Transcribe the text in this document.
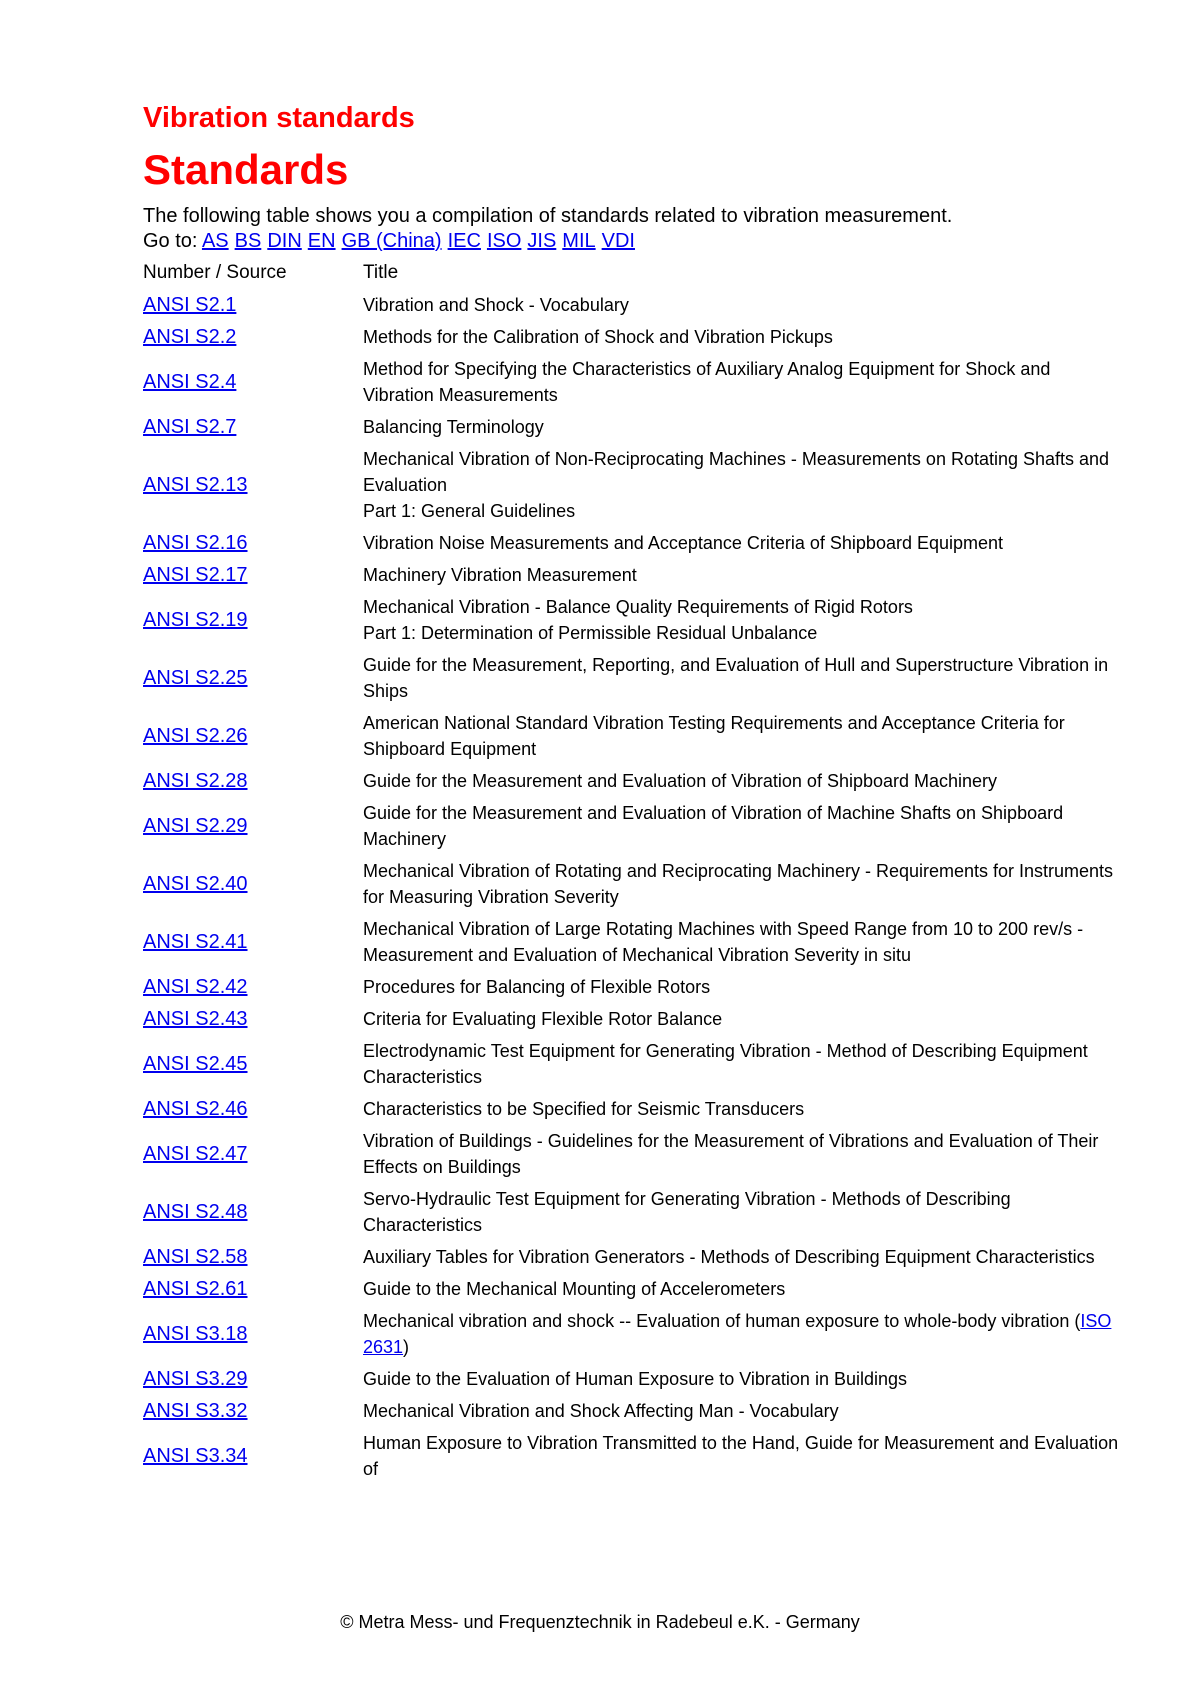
Vibration standards

Standards

The following table shows you a compilation of standards related to vibration measurement.

Go to: AS BS DIN EN GB (China) IEC ISO JIS MIL VDI

Number / Source	Title
ANSI S2.1	Vibration and Shock - Vocabulary
ANSI S2.2	Methods for the Calibration of Shock and Vibration Pickups
ANSI S2.4	Method for Specifying the Characteristics of Auxiliary Analog Equipment for Shock and Vibration Measurements
ANSI S2.7	Balancing Terminology
ANSI S2.13	Mechanical Vibration of Non-Reciprocating Machines - Measurements on Rotating Shafts and Evaluation
Part 1: General Guidelines
ANSI S2.16	Vibration Noise Measurements and Acceptance Criteria of Shipboard Equipment
ANSI S2.17	Machinery Vibration Measurement
ANSI S2.19	Mechanical Vibration - Balance Quality Requirements of Rigid Rotors
Part 1: Determination of Permissible Residual Unbalance
ANSI S2.25	Guide for the Measurement, Reporting, and Evaluation of Hull and Superstructure Vibration in Ships
ANSI S2.26	American National Standard Vibration Testing Requirements and Acceptance Criteria for Shipboard Equipment
ANSI S2.28	Guide for the Measurement and Evaluation of Vibration of Shipboard Machinery
ANSI S2.29	Guide for the Measurement and Evaluation of Vibration of Machine Shafts on Shipboard Machinery
ANSI S2.40	Mechanical Vibration of Rotating and Reciprocating Machinery - Requirements for Instruments for Measuring Vibration Severity
ANSI S2.41	Mechanical Vibration of Large Rotating Machines with Speed Range from 10 to 200 rev/s - Measurement and Evaluation of Mechanical Vibration Severity in situ
ANSI S2.42	Procedures for Balancing of Flexible Rotors
ANSI S2.43	Criteria for Evaluating Flexible Rotor Balance
ANSI S2.45	Electrodynamic Test Equipment for Generating Vibration - Method of Describing Equipment Characteristics
ANSI S2.46	Characteristics to be Specified for Seismic Transducers
ANSI S2.47	Vibration of Buildings - Guidelines for the Measurement of Vibrations and Evaluation of Their Effects on Buildings
ANSI S2.48	Servo-Hydraulic Test Equipment for Generating Vibration - Methods of Describing Characteristics
ANSI S2.58	Auxiliary Tables for Vibration Generators - Methods of Describing Equipment Characteristics
ANSI S2.61	Guide to the Mechanical Mounting of Accelerometers
ANSI S3.18	Mechanical vibration and shock -- Evaluation of human exposure to whole-body vibration (ISO 2631)
ANSI S3.29	Guide to the Evaluation of Human Exposure to Vibration in Buildings
ANSI S3.32	Mechanical Vibration and Shock Affecting Man - Vocabulary
ANSI S3.34	Human Exposure to Vibration Transmitted to the Hand, Guide for Measurement and Evaluation of
© Metra Mess- und Frequenztechnik in Radebeul e.K. - Germany
